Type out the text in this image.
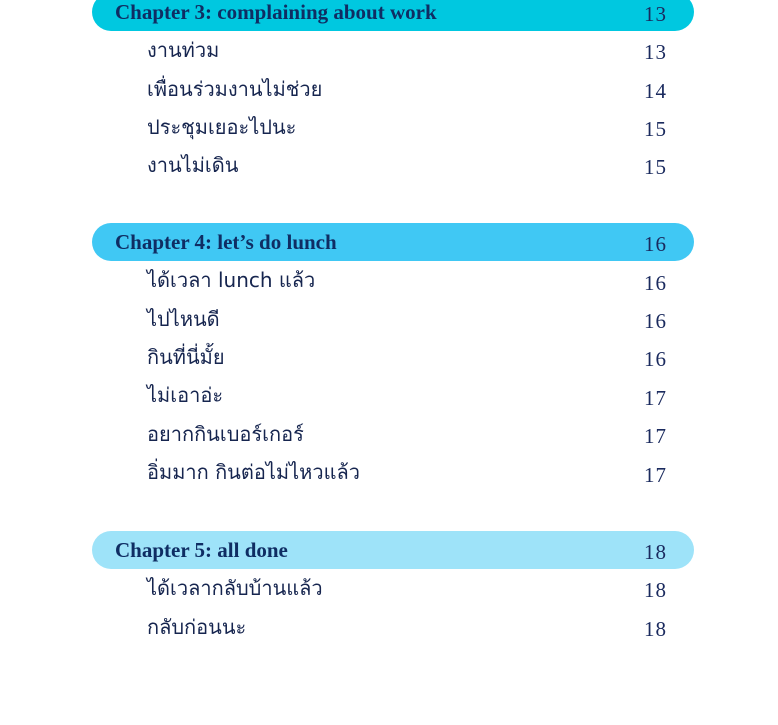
Chapter 3: complaining about work	13
งานท่วม	13
เพื่อนร่วมงานไม่ช่วย	14
ประชุมเยอะไปนะ	15
งานไม่เดิน	15
Chapter 4: let’s do lunch	16
ได้เวลา lunch แล้ว	16
ไปไหนดี	16
กินที่นี่มั้ย	16
ไม่เอาอ่ะ	17
อยากกินเบอร์เกอร์	17
อิ่มมาก กินต่อไม่ไหวแล้ว	17
Chapter 5: all done	18
ได้เวลากลับบ้านแล้ว	18
กลับก่อนนะ	18
